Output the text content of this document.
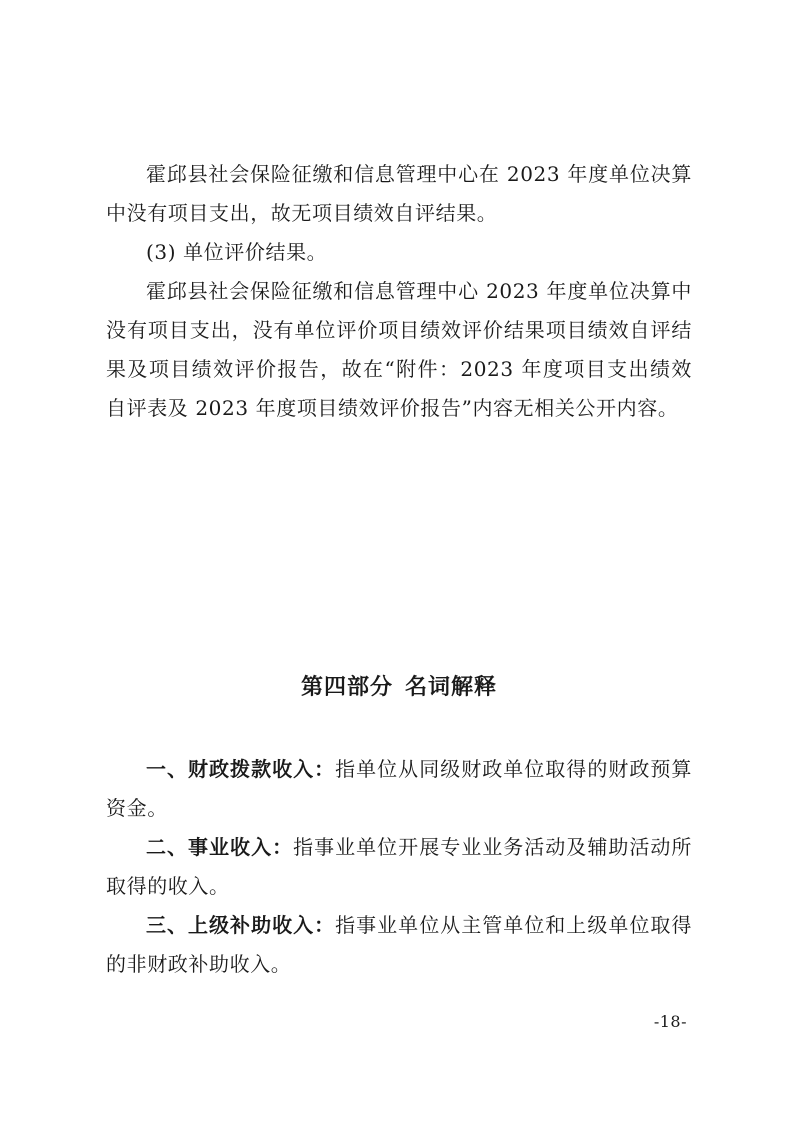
霍邱县社会保险征缴和信息管理中心在 2023 年度单位决算中没有项目支出，故无项目绩效自评结果。

(3) 单位评价结果。

霍邱县社会保险征缴和信息管理中心 2023 年度单位决算中没有项目支出，没有单位评价项目绩效评价结果项目绩效自评结果及项目绩效评价报告，故在“附件：2023 年度项目支出绩效自评表及 2023 年度项目绩效评价报告”内容无相关公开内容。

第四部分 名词解释

一、财政拨款收入：指单位从同级财政单位取得的财政预算资金。

二、事业收入：指事业单位开展专业业务活动及辅助活动所取得的收入。

三、上级补助收入：指事业单位从主管单位和上级单位取得的非财政补助收入。

-18-
